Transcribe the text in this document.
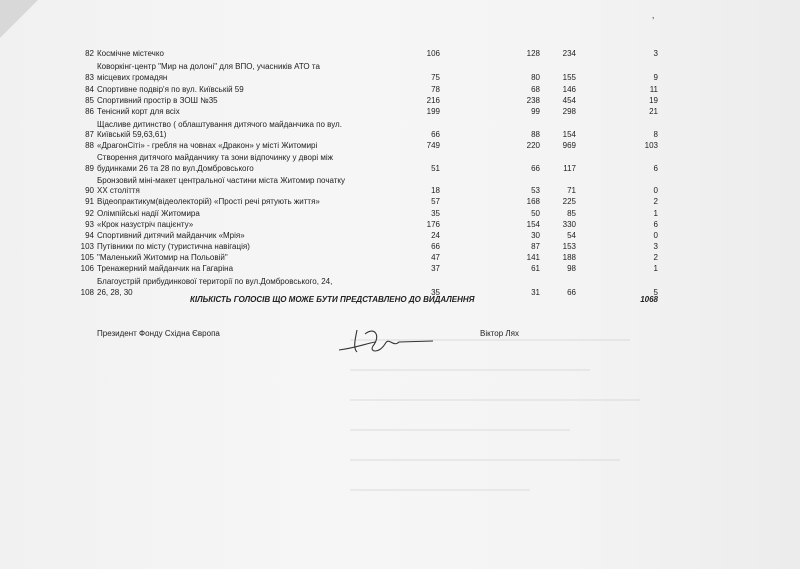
’
82 Космічне містечко	106	128	234	3
Коворкінг-центр "Мир на долоні" для ВПО, учасників АТО та
83 місцевих громадян	75	80	155	9
84 Спортивне подвір'я по вул. Київській 59	78	68	146	11
85 Спортивний простір в ЗОШ №35	216	238	454	19
86 Тенісний корт для всіх	199	99	298	21
Щасливе дитинство ( облаштування дитячого майданчика по вул.
87 Київській 59,63,61)	66	88	154	8
88 «ДрагонСіті» - гребля на човнах «Дракон» у місті Житомирі	749	220	969	103
Створення дитячого майданчику та зони відпочинку у дворі між
89 будинками 26 та 28 по вул.Домбровського	51	66	117	6
Бронзовий міні-макет центральної частини міста Житомир початку
90 ХХ століття	18	53	71	0
91 Відеопрактикум(відеолекторій) «Прості речі рятують життя»	57	168	225	2
92 Олімпійські надії Житомира	35	50	85	1
93 «Крок назустріч пацієнту»	176	154	330	6
94 Спортивний дитячий майданчик «Мрія»	24	30	54	0
103 Путівники по місту (туристична навігація)	66	87	153	3
105 "Маленький Житомир на Польовій"	47	141	188	2
106 Тренажерний майданчик на Гагаріна	37	61	98	1
Благоустрій прибудинкової території по вул.Домбровського, 24,
108 26, 28, 30	35	31	66	5
КІЛЬКІСТЬ ГОЛОСІВ ЩО МОЖЕ БУТИ ПРЕДСТАВЛЕНО ДО ВИДАЛЕННЯ	1068
Президент Фонду Східна Європа	Віктор Лях
